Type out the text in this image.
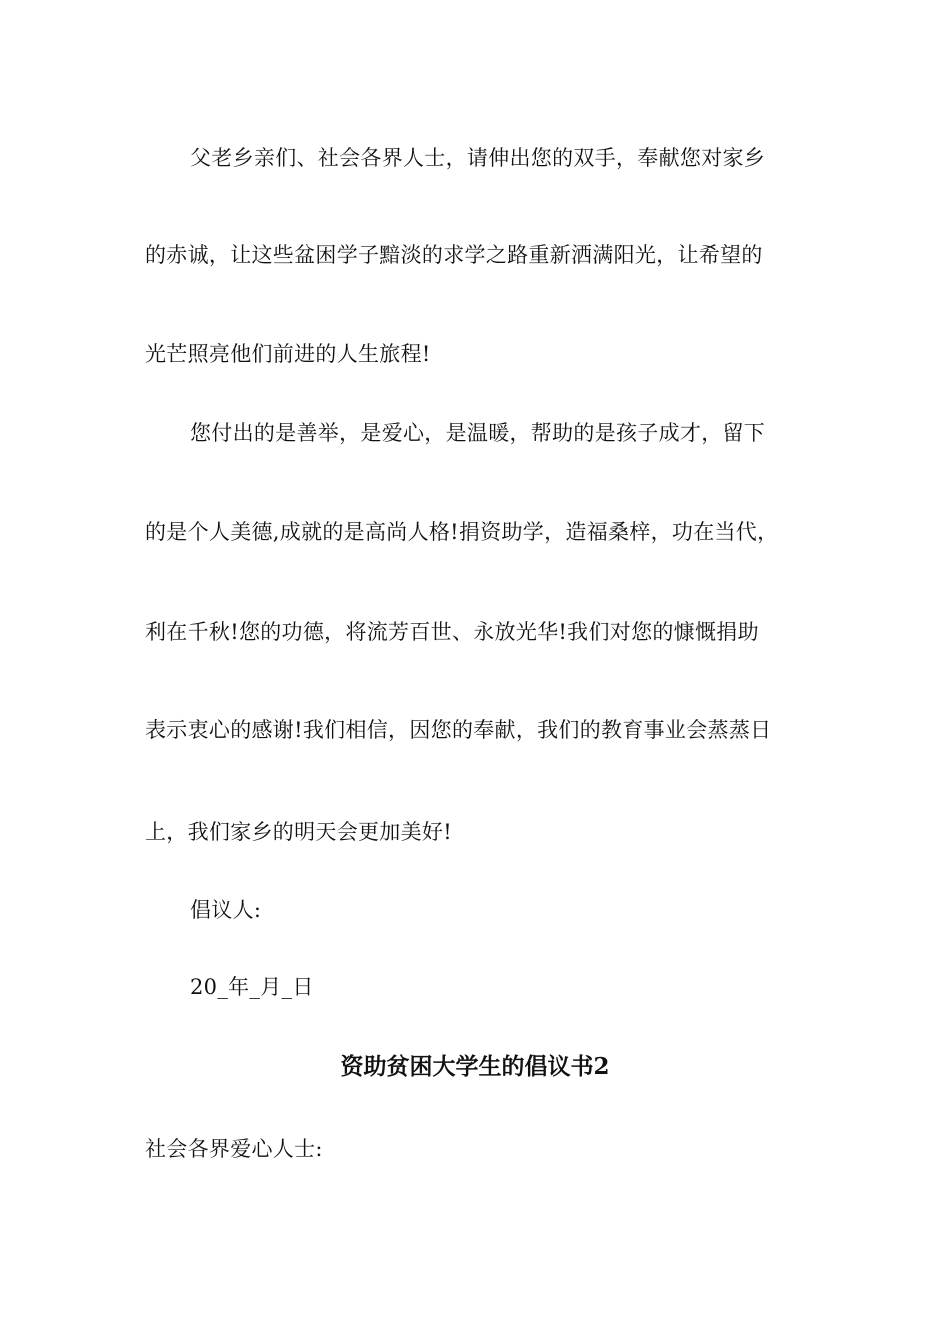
父老乡亲们、社会各界人士，请伸出您的双手，奉献您对家乡
的赤诚，让这些盆困学子黯淡的求学之路重新洒满阳光，让希望的
光芒照亮他们前进的人生旅程!
您付出的是善举，是爱心，是温暖，帮助的是孩子成才，留下
的是个人美德,成就的是高尚人格!捐资助学，造福桑梓，功在当代，
利在千秋!您的功德，将流芳百世、永放光华!我们对您的慷慨捐助
表示衷心的感谢!我们相信，因您的奉献，我们的教育事业会蒸蒸日
上，我们家乡的明天会更加美好!
倡议人:
20_年_月_日
资助贫困大学生的倡议书2
社会各界爱心人士:
